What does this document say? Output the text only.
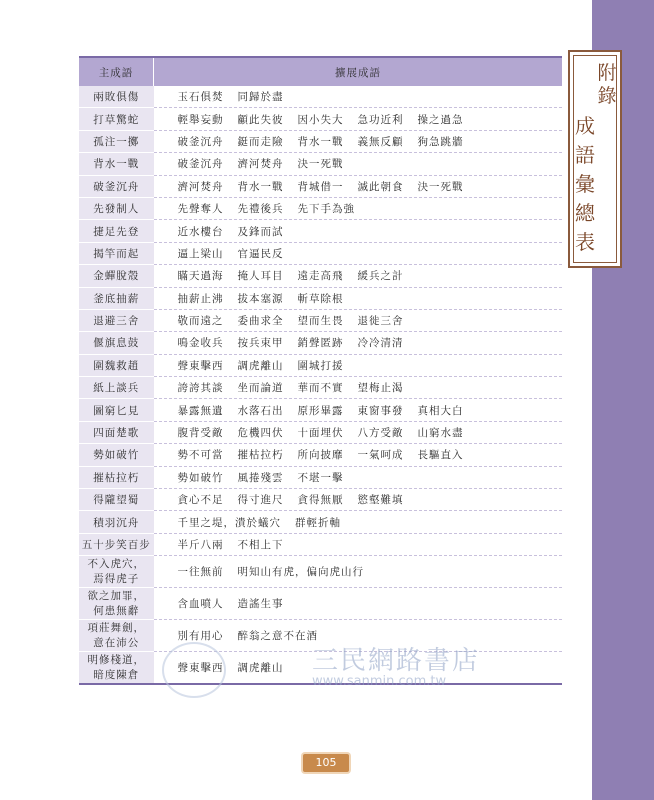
附
錄
成
語
彙
總
表
主成語	擴展成語
兩敗俱傷	玉石俱焚 同歸於盡
打草驚蛇	輕舉妄動 顧此失彼 因小失大 急功近利 操之過急
孤注一擲	破釜沉舟 鋌而走險 背水一戰 義無反顧 狗急跳牆
背水一戰	破釜沉舟 濟河焚舟 決一死戰
破釜沉舟	濟河焚舟 背水一戰 背城借一 滅此朝食 決一死戰
先發制人	先聲奪人 先禮後兵 先下手為強
捷足先登	近水樓台 及鋒而試
揭竿而起	逼上梁山 官逼民反
金蟬脫殼	瞞天過海 掩人耳目 遠走高飛 緩兵之計
釜底抽薪	抽薪止沸 拔本塞源 斬草除根
退避三舍	敬而遠之 委曲求全 望而生畏 退徙三舍
偃旗息鼓	鳴金收兵 按兵束甲 銷聲匿跡 冷冷清清
圍魏救趙	聲東擊西 調虎離山 圍城打援
紙上談兵	誇誇其談 坐而論道 華而不實 望梅止渴
圖窮匕見	暴露無遺 水落石出 原形畢露 東窗事發 真相大白
四面楚歌	腹背受敵 危機四伏 十面埋伏 八方受敵 山窮水盡
勢如破竹	勢不可當 摧枯拉朽 所向披靡 一氣呵成 長驅直入
摧枯拉朽	勢如破竹 風捲殘雲 不堪一擊
得隴望蜀	貪心不足 得寸進尺 貪得無厭 慾壑難填
積羽沉舟	千里之堤，潰於蟻穴 群輕折軸
五十步笑百步	半斤八兩 不相上下
不入虎穴，
焉得虎子	一往無前 明知山有虎，偏向虎山行
欲之加罪，
何患無辭	含血噴人 造謠生事
項莊舞劍，
意在沛公	別有用心 醉翁之意不在酒
明修棧道，
暗度陳倉	聲東擊西 調虎離山 三民網路書店
www.sanmin.com.tw
105
